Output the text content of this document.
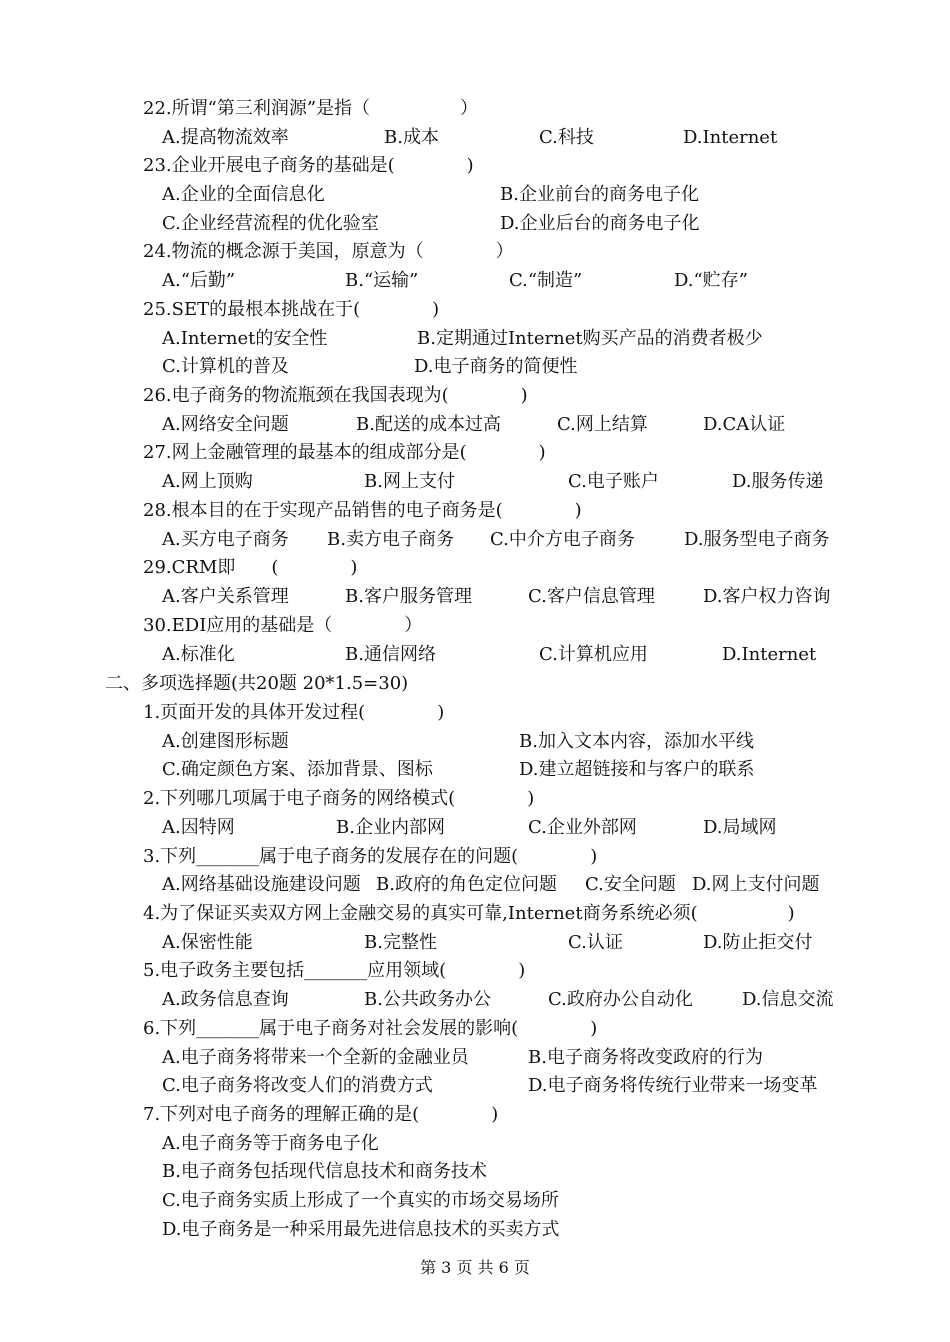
22.所谓“第三利润源”是指（　　　　　）
A.提高物流效率	B.成本	C.科技	D.Internet
23.企业开展电子商务的基础是(　　　　)
A.企业的全面信息化	B.企业前台的商务电子化
C.企业经营流程的优化验室	D.企业后台的商务电子化
24.物流的概念源于美国，原意为（　　　　）
A.“后勤”	B.“运输”	C.“制造”	D.“贮存”
25.SET的最根本挑战在于(　　　　)
A.Internet的安全性	B.定期通过Internet购买产品的消费者极少
C.计算机的普及	D.电子商务的简便性
26.电子商务的物流瓶颈在我国表现为(　　　　)
A.网络安全问题	B.配送的成本过高	C.网上结算	D.CA认证
27.网上金融管理的最基本的组成部分是(　　　　)
A.网上顶购	B.网上支付	C.电子账户	D.服务传递
28.根本目的在于实现产品销售的电子商务是(　　　　)
A.买方电子商务 B.卖方电子商务 C.中介方电子商务	D.服务型电子商务
29.CRM即　　(　　　　)
A.客户关系管理	B.客户服务管理	C.客户信息管理	D.客户权力咨询
30.EDI应用的基础是（　　　　）
A.标准化	B.通信网络	C.计算机应用	D.Internet
二、多项选择题(共20题 20*1.5=30)
1.页面开发的具体开发过程(　　　　)
A.创建图形标题	B.加入文本内容，添加水平线
C.确定颜色方案、添加背景、图标	D.建立超链接和与客户的联系
2.下列哪几项属于电子商务的网络模式(　　　　)
A.因特网	B.企业内部网	C.企业外部网	D.局域网
3.下列_______属于电子商务的发展存在的问题(　　　　)
A.网络基础设施建设问题 B.政府的角色定位问题 C.安全问题 D.网上支付问题
4.为了保证买卖双方网上金融交易的真实可靠,Internet商务系统必须(　　　　　)
A.保密性能	B.完整性	C.认证	D.防止拒交付
5.电子政务主要包括_______应用领域(　　　　)
A.政务信息查询	B.公共政务办公	C.政府办公自动化	D.信息交流
6.下列_______属于电子商务对社会发展的影响(　　　　)
A.电子商务将带来一个全新的金融业员	B.电子商务将改变政府的行为
C.电子商务将改变人们的消费方式	D.电子商务将传统行业带来一场变革
7.下列对电子商务的理解正确的是(　　　　)
A.电子商务等于商务电子化
B.电子商务包括现代信息技术和商务技术
C.电子商务实质上形成了一个真实的市场交易场所
D.电子商务是一种采用最先进信息技术的买卖方式
第 3 页 共 6 页
